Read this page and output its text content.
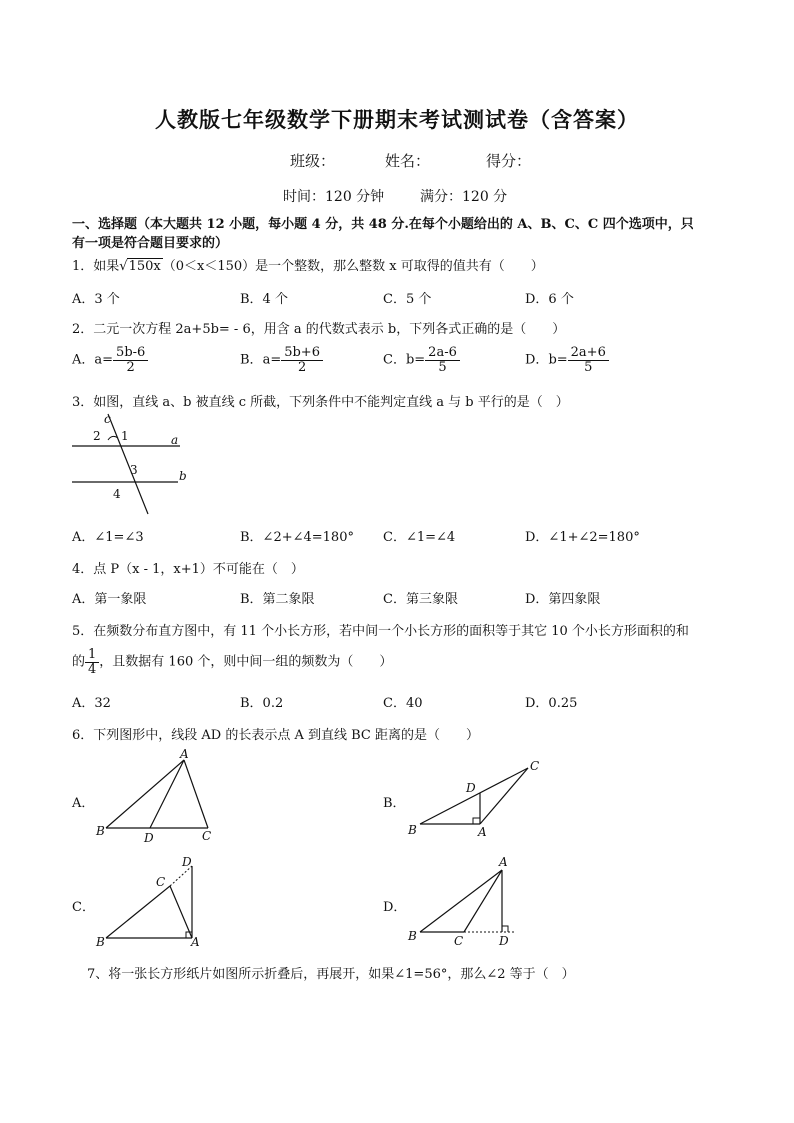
人教版七年级数学下册期末考试测试卷（含答案）
班级：	姓名：	得分：
时间：120 分钟	满分：120 分
一、选择题（本大题共 12 小题，每小题 4 分，共 48 分.在每个小题给出的 A、B、C、C 四个选项中，只
有一项是符合题目要求的）
1．如果√150x （0＜x＜150）是一个整数，那么整数 x 可取得的值共有（　　）
A．3 个	B．4 个	C．5 个	D．6 个
2．二元一次方程 2a+5b= - 6，用含 a 的代数式表示 b，下列各式正确的是（　　）
A．$a= \frac{5b-6}{2}$	B．$a= \frac{5b+6}{2}$	C．$b= \frac{2a-6}{5}$	D．$b= \frac{2a+6}{5}$
3．如图，直线 a、b 被直线 c 所截，下列条件中不能判定直线 a 与 b 平行的是（　）
c
a
b
2 1
3
4
A．∠1=∠3	B．∠2+∠4=180° C．∠1=∠4	D．∠1+∠2=180°
4．点 P（x - 1，x+1）不可能在（　）
A．第一象限	B．第二象限	C．第三象限	D．第四象限
5．在频数分布直方图中，有 11 个小长方形，若中间一个小长方形的面积等于其它 10 个小长方形面积的和
的 $\frac{1}{4}$ ，且数据有 160 个，则中间一组的频数为（　　）
A．32	B．0.2	C．40	D．0.25
6．下列图形中，线段 AD 的长表示点 A 到直线 BC 距离的是（　　）
A．
A
B	D	C
B．
C
D
B	A
C．
D
C
B	A
D．
A
B	C	D
7、将一张长方形纸片如图所示折叠后，再展开，如果∠1=56°，那么∠2 等于（　）
